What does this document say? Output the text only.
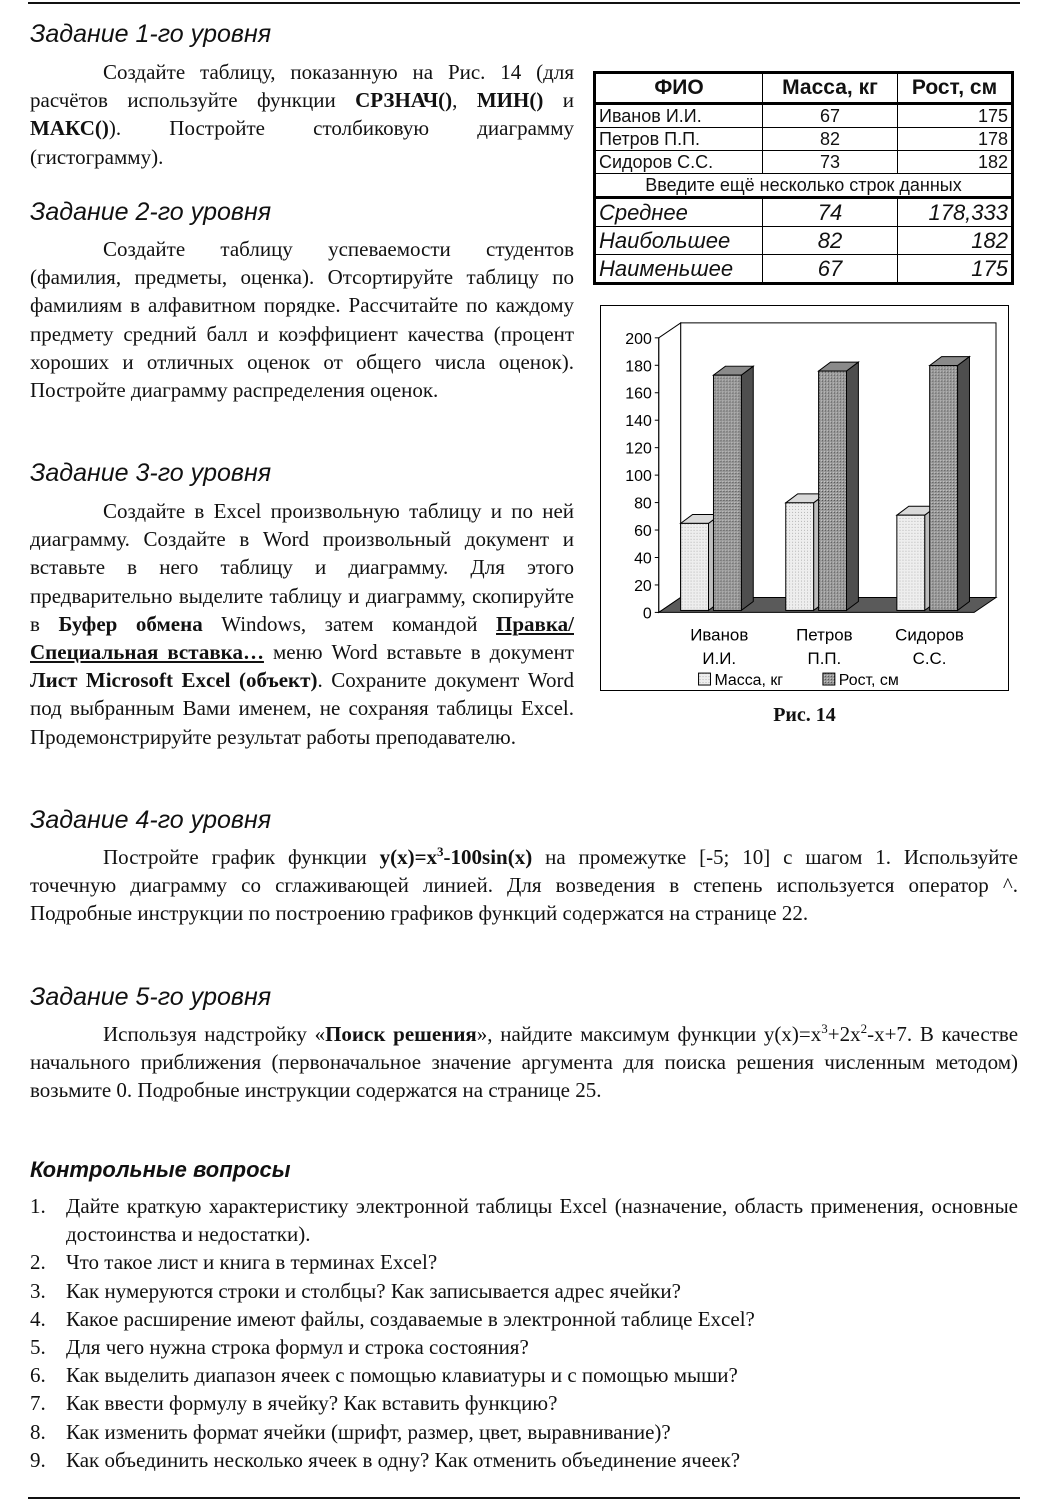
Задание 1-го уровня

Создайте таблицу, показанную на Рис. 14 (для расчётов используйте функции СРЗНАЧ(), МИН() и МАКС()). Постройте столбиковую диаграмму (гистограмму).

Задание 2-го уровня

Создайте таблицу успеваемости студентов (фамилия, предметы, оценка). Отсортируйте таблицу по фамилиям в алфавитном порядке. Рассчитайте по каждому предмету средний балл и коэффициент качества (процент хороших и отличных оценок от общего числа оценок). Постройте диаграмму распределения оценок.

Задание 3-го уровня

Создайте в Excel произвольную таблицу и по ней диаграмму. Создайте в Word произвольный документ и вставьте в него таблицу и диаграмму. Для этого предварительно выделите таблицу и диаграмму, скопируйте в Буфер обмена Windows, затем командой Правка/Специальная вставка… меню Word вставьте в документ Лист Microsoft Excel (объект). Сохраните документ Word под выбранным Вами именем, не сохраняя таблицы Excel. Продемонстрируйте результат работы преподавателю.

ФИО	Масса, кг	Рост, см
Иванов И.И.	67	175
Петров П.П.	82	178
Сидоров С.С.	73	182
Введите ещё несколько строк данных		
Среднее	74	178,333
Наибольшее	82	182
Наименьшее	67	175
0
20
40
60
80
100
120
140
160
180
200
Иванов
И.И.
Петров
П.П.
Сидоров
С.С.
Масса, кг	Рост, см
Рис. 14
Задание 4-го уровня

Постройте график функции $y(x)=x^3-100\sin(x)$ на промежутке [-5; 10] с шагом 1. Используйте точечную диаграмму со сглаживающей линией. Для возведения в степень используется оператор ^. Подробные инструкции по построению графиков функций содержатся на странице 22.

Задание 5-го уровня

Используя надстройку «Поиск решения», найдите максимум функции $y(x)=x^3+2x^2-x+7$. В качестве начального приближения (первоначальное значение аргумента для поиска решения численным методом) возьмите 0. Подробные инструкции содержатся на странице 25.

Контрольные вопросы
1. Дайте краткую характеристику электронной таблицы Excel (назначение, область применения, основные достоинства и недостатки).
2. Что такое лист и книга в терминах Excel?
3. Как нумеруются строки и столбцы? Как записывается адрес ячейки?
4. Какое расширение имеют файлы, создаваемые в электронной таблице Excel?
5. Для чего нужна строка формул и строка состояния?
6. Как выделить диапазон ячеек с помощью клавиатуры и с помощью мыши?
7. Как ввести формулу в ячейку? Как вставить функцию?
8. Как изменить формат ячейки (шрифт, размер, цвет, выравнивание)?
9. Как объединить несколько ячеек в одну? Как отменить объединение ячеек?
